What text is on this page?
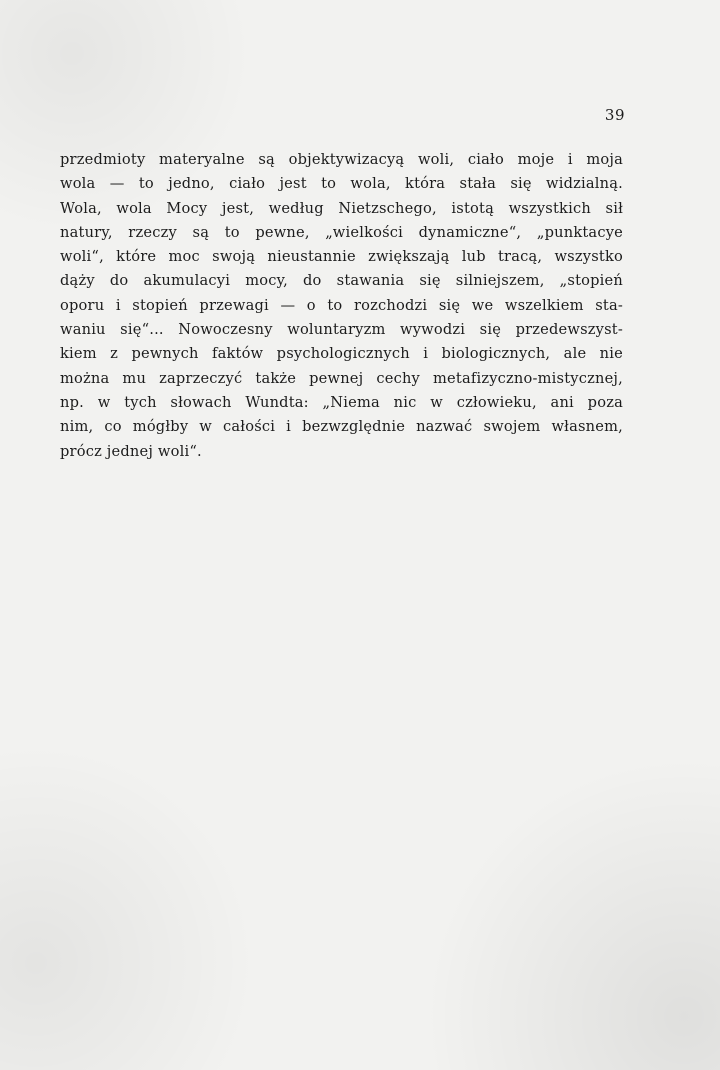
39
przedmioty materyalne są objektywizacyą woli, ciało moje i moja
wola — to jedno, ciało jest to wola, która stała się widzialną.
Wola, wola Mocy jest, według Nietzschego, istotą wszystkich sił
natury, rzeczy są to pewne, „wielkości dynamiczne“, „punktacye
woli“, które moc swoją nieustannie zwiększają lub tracą, wszystko
dąży do akumulacyi mocy, do stawania się silniejszem, „stopień
oporu i stopień przewagi — o to rozchodzi się we wszelkiem sta-
waniu się“... Nowoczesny woluntaryzm wywodzi się przedewszyst-
kiem z pewnych faktów psychologicznych i biologicznych, ale nie
można mu zaprzeczyć także pewnej cechy metafizyczno-mistycznej,
np. w tych słowach Wundta: „Niema nic w człowieku, ani poza
nim, co mógłby w całości i bezwzględnie nazwać swojem własnem,
prócz jednej woli“.
